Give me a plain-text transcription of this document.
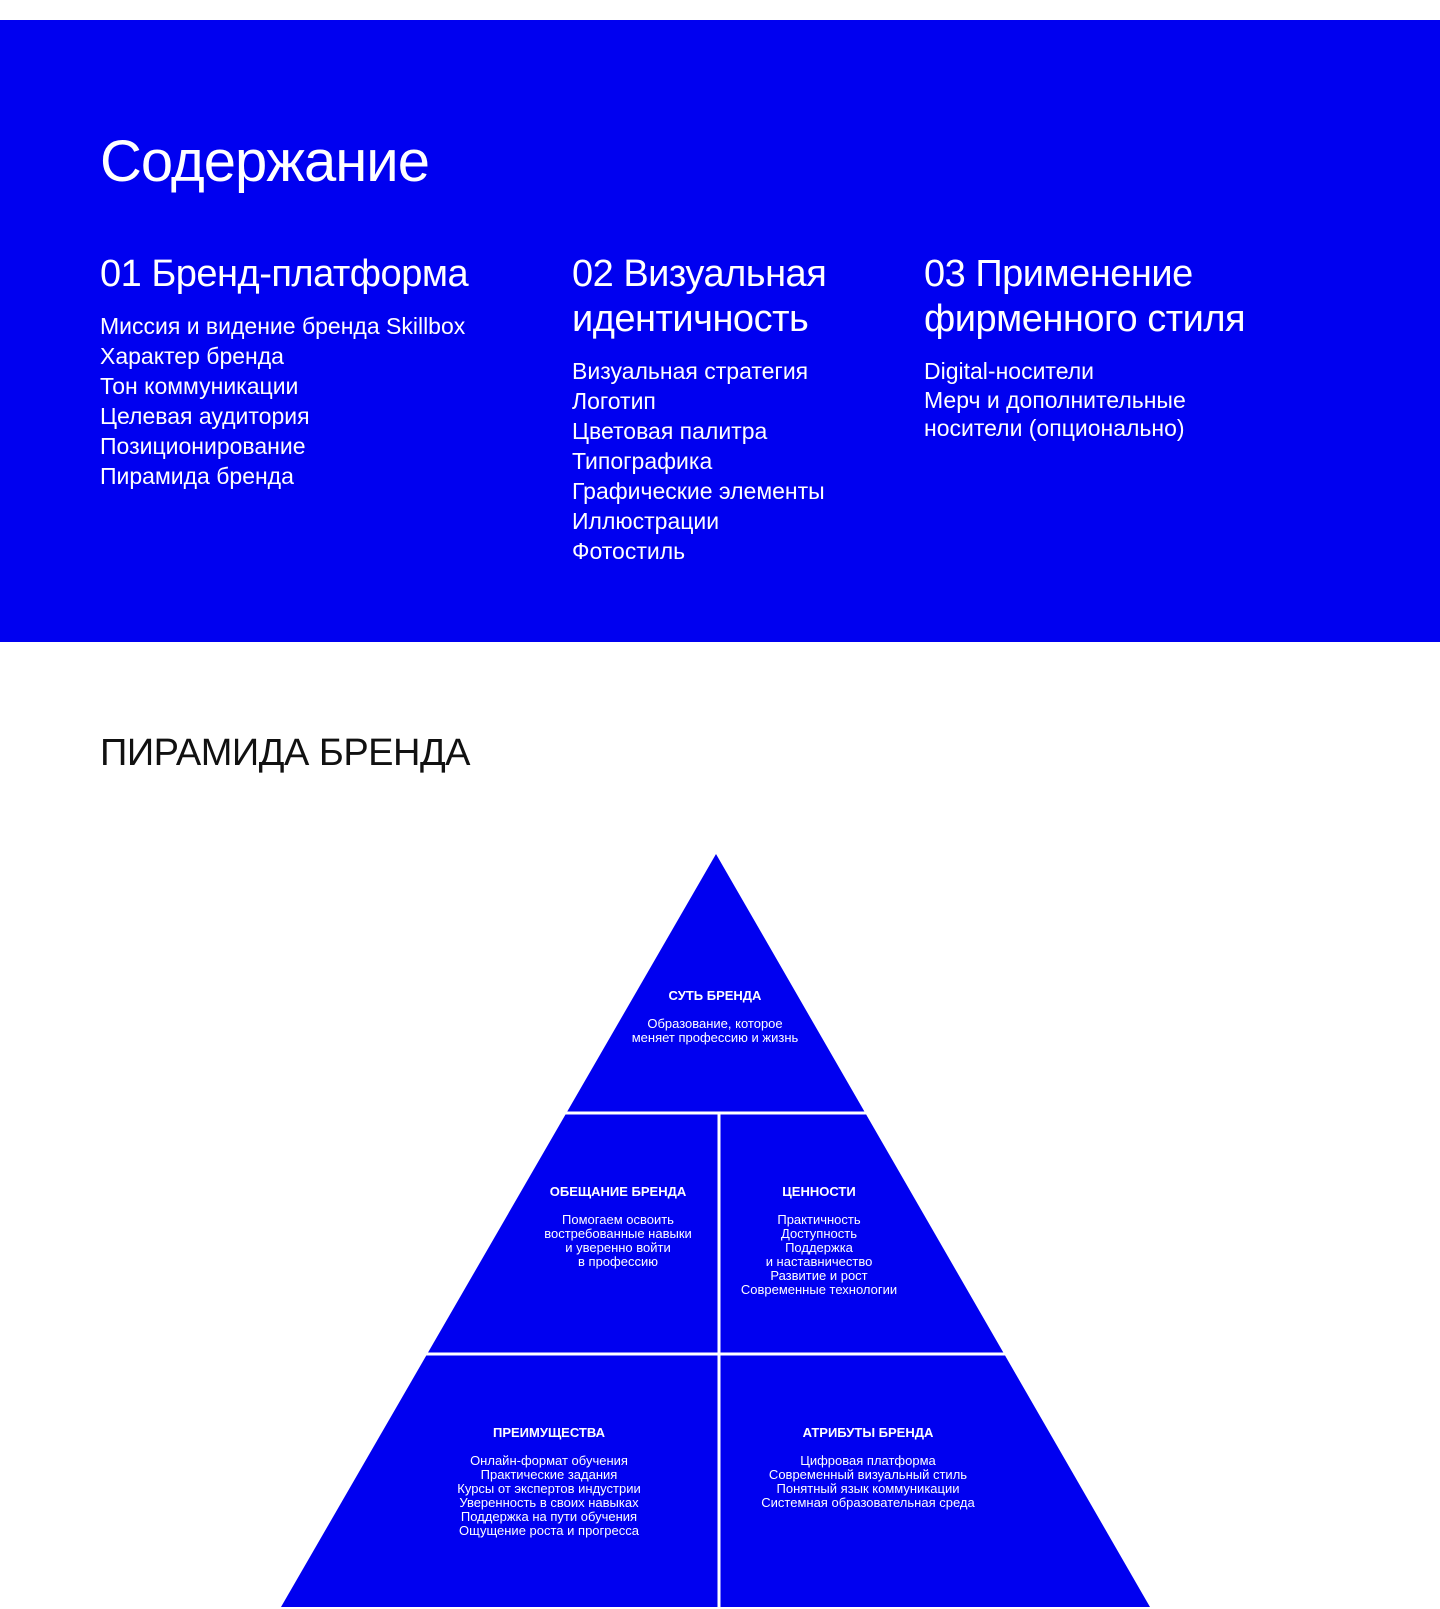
Содержание
01 Бренд-платформа
Миссия и видение бренда Skillbox
Характер бренда
Тон коммуникации
Целевая аудитория
Позиционирование
Пирамида бренда
02 Визуальная идентичность
Визуальная стратегия
Логотип
Цветовая палитра
Типографика
Графические элементы
Иллюстрации
Фотостиль
03 Применение фирменного стиля
Digital-носители
Мерч и дополнительные носители (опционально)
ПИРАМИДА БРЕНДА
СУТЬ БРЕНДА
Образование, которое
меняет профессию и жизнь
ОБЕЩАНИЕ БРЕНДА
Помогаем освоить
востребованные навыки
и уверенно войти
в профессию
ЦЕННОСТИ
Практичность
Доступность
Поддержка
и наставничество
Развитие и рост
Современные технологии
ПРЕИМУЩЕСТВА
Онлайн-формат обучения
Практические задания
Курсы от экспертов индустрии
Уверенность в своих навыках
Поддержка на пути обучения
Ощущение роста и прогресса
АТРИБУТЫ БРЕНДА
Цифровая платформа
Современный визуальный стиль
Понятный язык коммуникации
Системная образовательная среда
